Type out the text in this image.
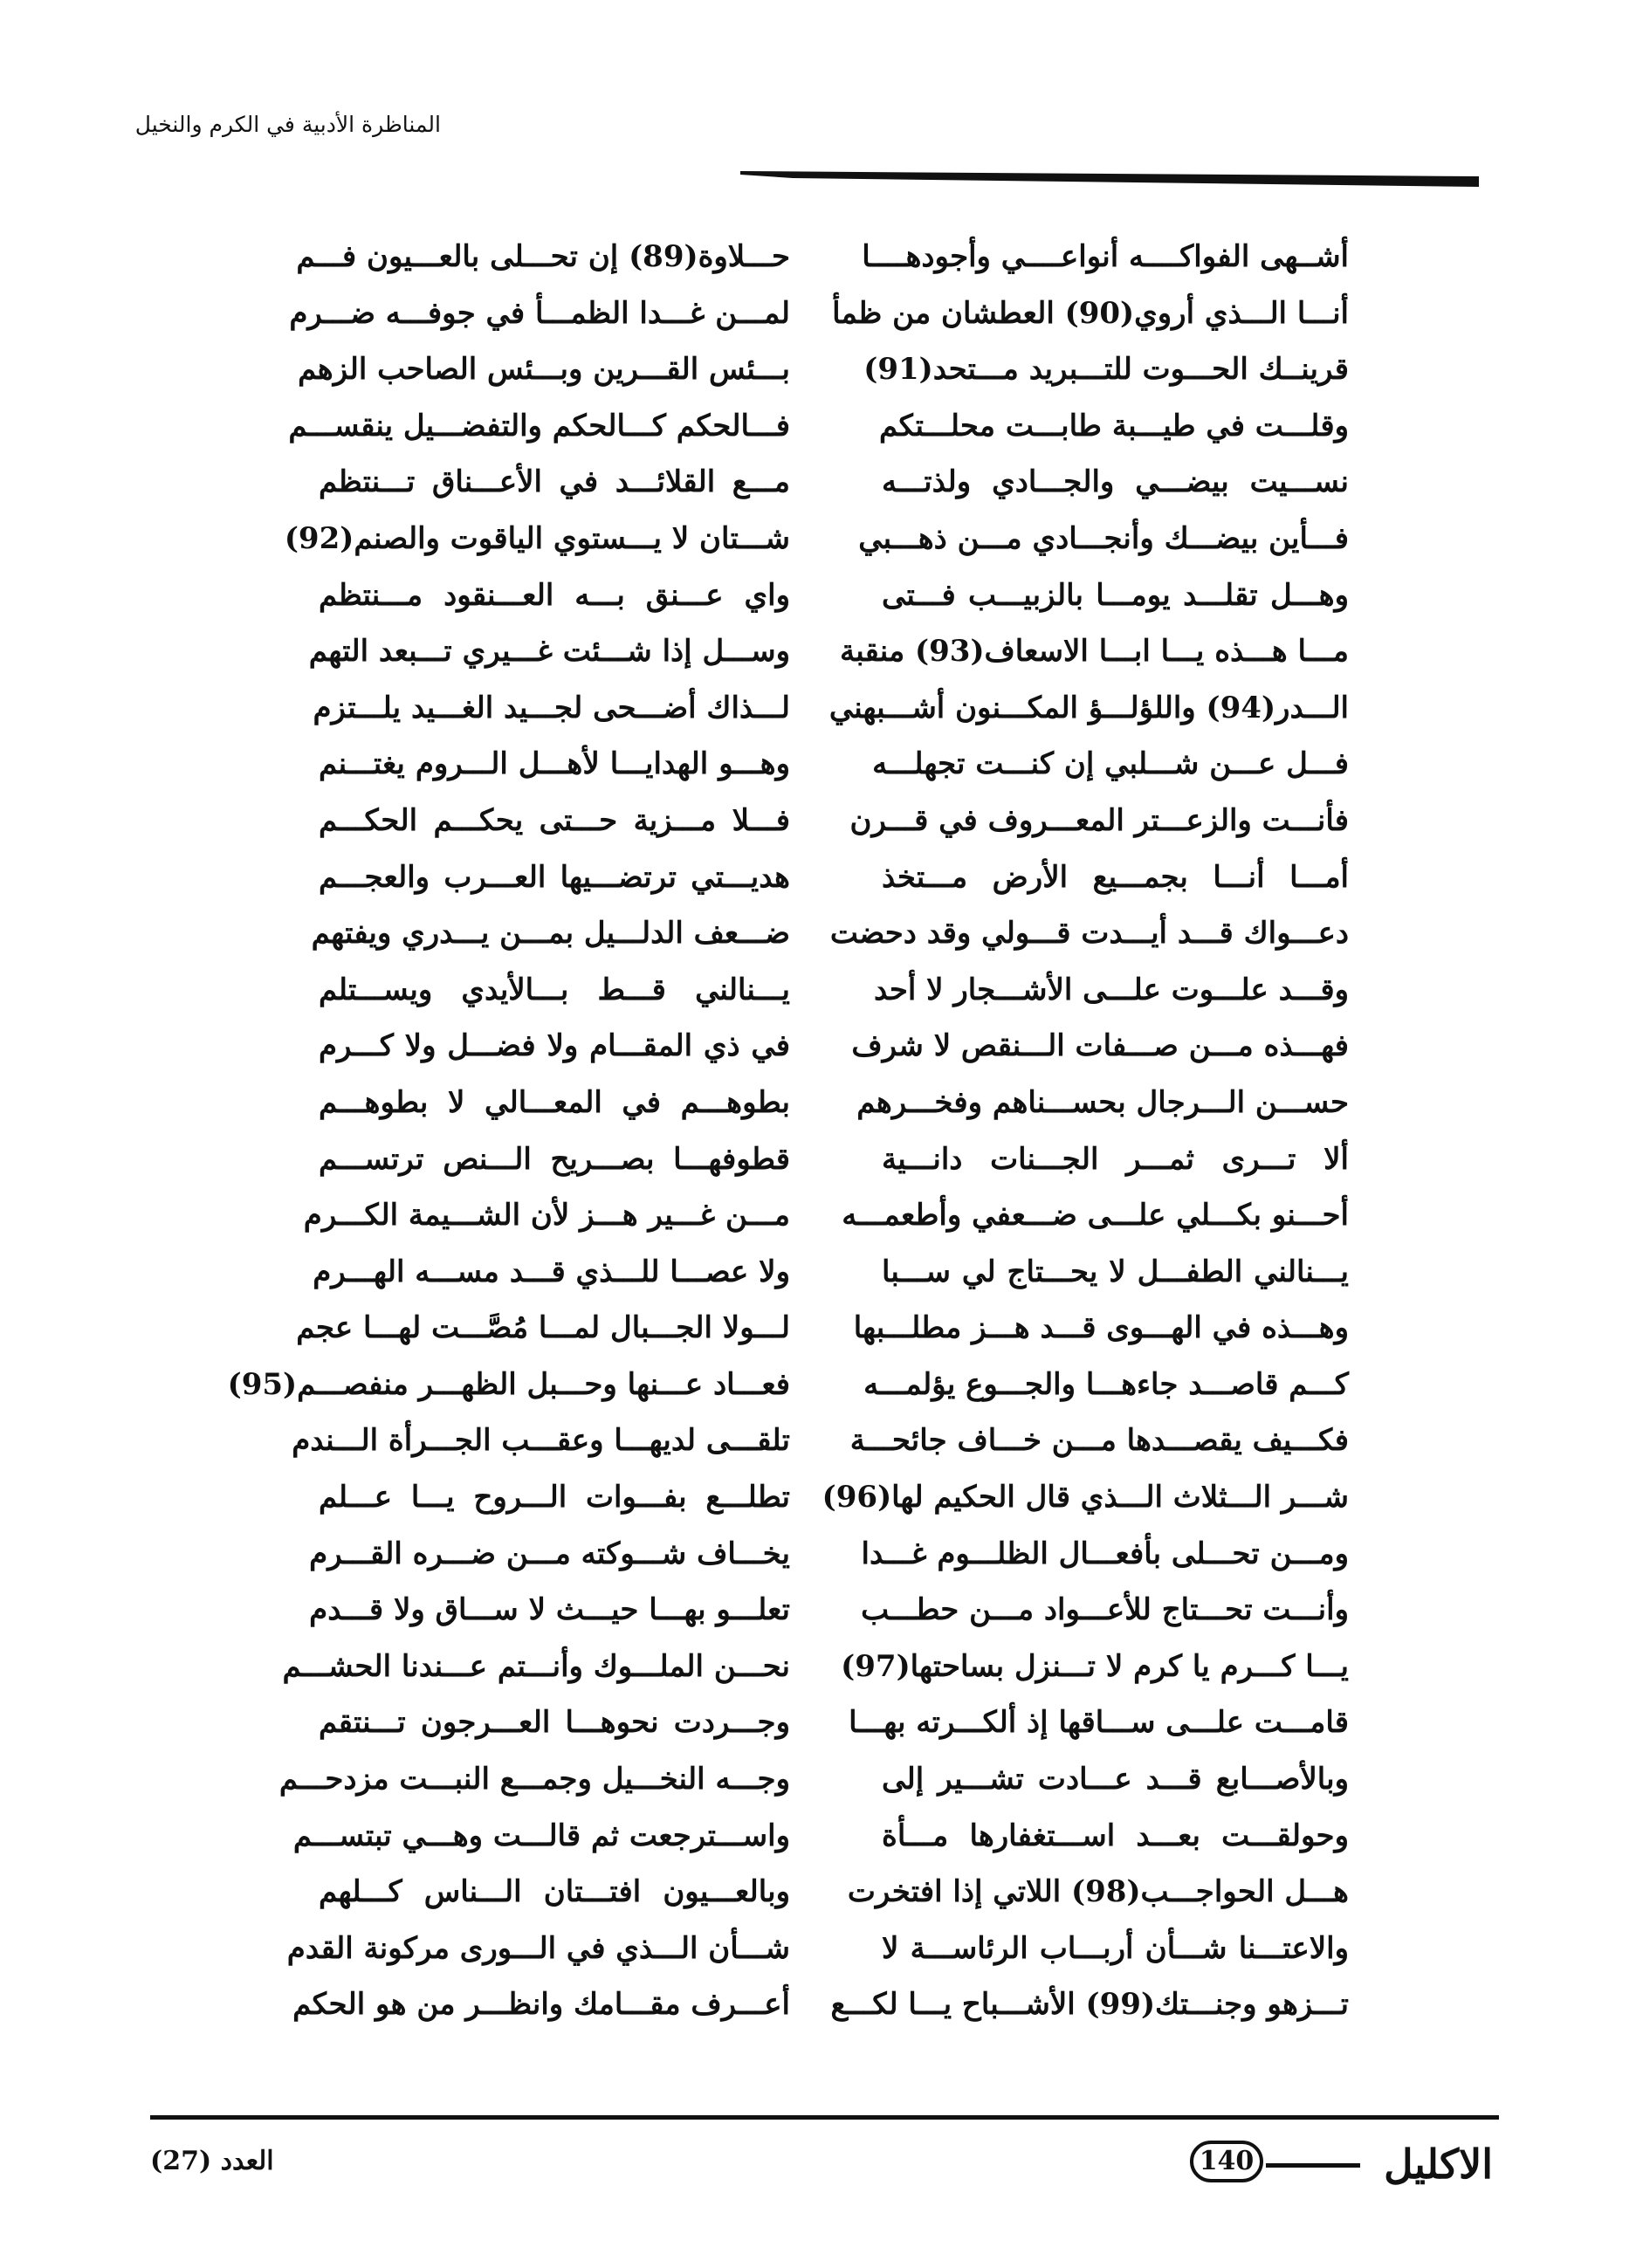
المناظرة الأدبية في الكرم والنخيل
أشــهى الفواكــــه أنواعــــي وأجودهــــا
أنـــا الـــذي أروي(90) العطشان من ظمأ
قرينــك الحـــوت للتـــبريد مـــتحد(91)
وقلـــت في طيـــبة طابـــت محلـــتكم
نســـيت بيضـــي والجـــادي ولذتـــه
فـــأين بيضـــك وأنجـــادي مـــن ذهـــبي
وهـــل تقلـــد يومـــا بالزبيـــب فـــتى
مـــا هـــذه يـــا ابـــا الاسعاف(93) منقبة
الـــدر(94) واللؤلـــؤ المكـــنون أشـــبهني
فـــل عـــن شـــلبي إن كنـــت تجهلـــه
فأنـــت والزعـــتر المعـــروف في قـــرن
أمـــا أنـــا بجمـــيع الأرض مـــتخذ
دعـــواك قـــد أيـــدت قـــولي وقد دحضت
وقـــد علـــوت علـــى الأشـــجار لا أحد
فهـــذه مـــن صـــفات الـــنقص لا شرف
حســـن الـــرجال بحســـناهم وفخـــرهم
ألا تـــرى ثمـــر الجـــنات دانـــية
أحـــنو بكـــلي علـــى ضـــعفي وأطعمـــه
يـــنالني الطفـــل لا يحـــتاج لي ســـبا
وهـــذه في الهـــوى قـــد هـــز مطلـــبها
كـــم قاصـــد جاءهـــا والجـــوع يؤلمـــه
فكـــيف يقصـــدها مـــن خـــاف جائحـــة
شـــر الـــثلاث الـــذي قال الحكيم لها(96)
ومـــن تحـــلى بأفعـــال الظلـــوم غـــدا
وأنـــت تحـــتاج للأعـــواد مـــن حطـــب
يـــا كـــرم يا كرم لا تـــنزل بساحتها(97)
قامـــت علـــى ســـاقها إذ ألكـــرته بهـــا
وبالأصـــابع قـــد عـــادت تشـــير إلى
وحولقـــت بعـــد اســـتغفارها مـــأة
هـــل الحواجـــب(98) اللاتي إذا افتخرت
والاعتـــنا شـــأن أربـــاب الرئاســـة لا
تـــزهو وجنـــتك(99) الأشـــباح يـــا لكـــع
حـــلاوة(89) إن تحـــلى بالعـــيون فـــم
لمـــن غـــدا الظمـــأ في جوفـــه ضـــرم
بـــئس القـــرين وبـــئس الصاحب الزهم
فـــالحكم كـــالحكم والتفضـــيل ينقســـم
مـــع القلائـــد في الأعـــناق تـــنتظم
شـــتان لا يـــستوي الياقوت والصنم(92)
واي عـــنق بـــه العـــنقود مـــنتظم
وســـل إذا شـــئت غـــيري تـــبعد التهم
لـــذاك أضـــحى لجـــيد الغـــيد يلـــتزم
وهـــو الهدايـــا لأهـــل الـــروم يغتـــنم
فـــلا مـــزية حـــتى يحكـــم الحكـــم
هديـــتي ترتضـــيها العـــرب والعجـــم
ضـــعف الدلـــيل بمـــن يـــدري ويفتهم
يـــنالني قـــط بـــالأيدي ويســـتلم
في ذي المقـــام ولا فضـــل ولا كـــرم
بطوهـــم في المعـــالي لا بطوهـــم
قطوفهـــا بصـــريح الـــنص ترتســـم
مـــن غـــير هـــز لأن الشـــيمة الكـــرم
ولا عصـــا للـــذي قـــد مســـه الهـــرم
لـــولا الجـــبال لمـــا مُصَّـــت لهـــا عجم
فعـــاد عـــنها وحـــبل الظهـــر منفصـــم(95)
تلقـــى لديهـــا وعقـــب الجـــرأة الـــندم
تطلـــع بفـــوات الـــروح يـــا عـــلم
يخـــاف شـــوكته مـــن ضـــره القـــرم
تعلـــو بهـــا حيـــث لا ســـاق ولا قـــدم
نحـــن الملـــوك وأنـــتم عـــندنا الحشـــم
وجـــردت نحوهـــا العـــرجون تـــنتقم
وجـــه النخـــيل وجمـــع النبـــت مزدحـــم
واســـترجعت ثم قالـــت وهـــي تبتســـم
وبالعـــيون افتـــتان الـــناس كـــلهم
شـــأن الـــذي في الـــورى مركونة القدم
أعـــرف مقـــامك وانظـــر من هو الحكم
العدد (27)	140	الاكليل
